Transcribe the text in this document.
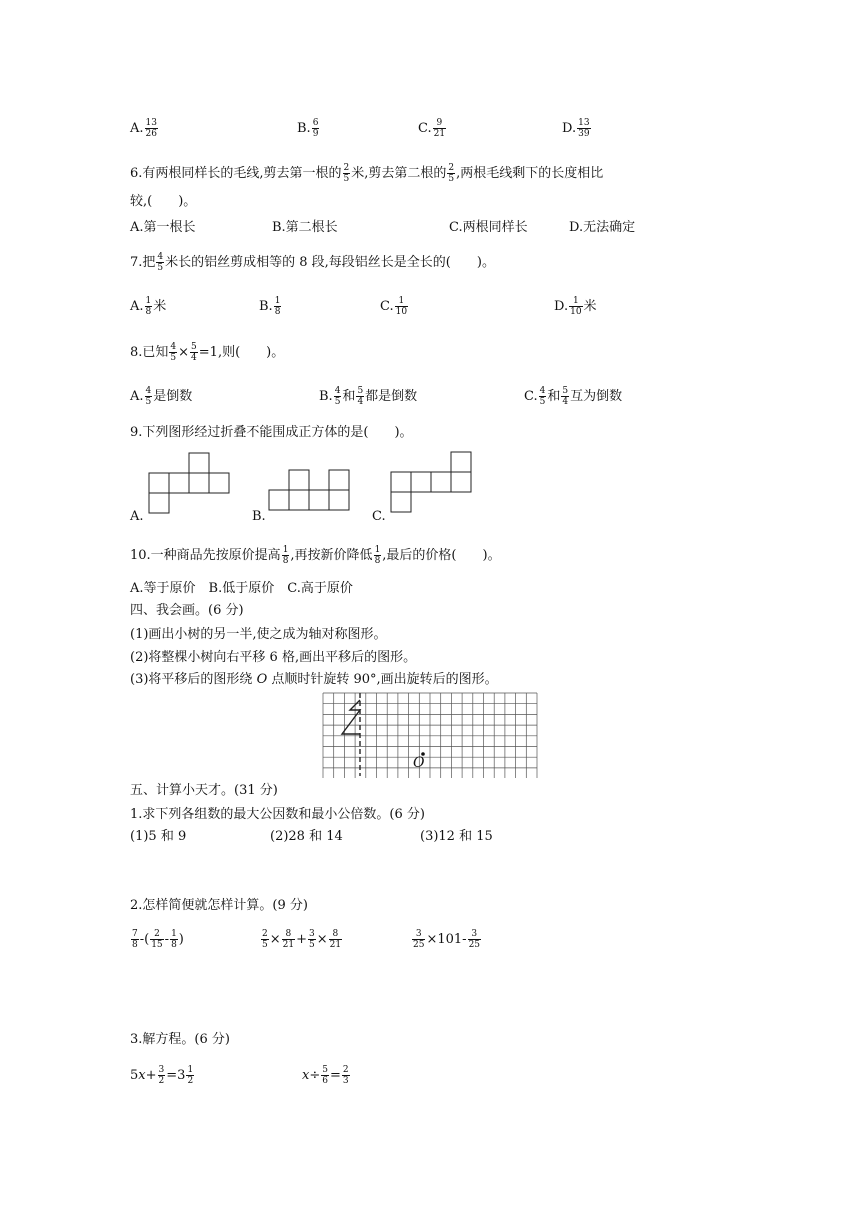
A. $\frac{13}{26}$	B. $\frac{6}{9}$	C. $\frac{9}{21}$	D. $\frac{13}{39}$
6.有两根同样长的毛线,剪去第一根的 $\frac{2}{5}$ 米,剪去第二根的 $\frac{2}{5}$ ,两根毛线剩下的长度相比
较,(　　)。
A.第一根长	B.第二根长	C.两根同样长	D.无法确定
7.把 $\frac{4}{5}$ 米长的铝丝剪成相等的 8 段,每段铝丝长是全长的(　　)。
A. $\frac{1}{8}$ 米	B. $\frac{1}{8}$	C. $\frac{1}{10}$	D. $\frac{1}{10}$ 米
8.已知 $\frac{4}{5} \times \frac{5}{4} =1$,则(　　)。
A. $\frac{4}{5}$ 是倒数	B. $\frac{4}{5}$ 和 $\frac{5}{4}$ 都是倒数	C. $\frac{4}{5}$ 和 $\frac{5}{4}$ 互为倒数
9.下列图形经过折叠不能围成正方体的是(　　)。
A.	B.	C.
10.一种商品先按原价提高 $\frac{1}{8}$ ,再按新价降低 $\frac{1}{8}$ ,最后的价格(　　)。
A.等于原价　B.低于原价　C.高于原价
四、我会画。(6 分)
(1)画出小树的另一半,使之成为轴对称图形。
(2)将整棵小树向右平移 6 格,画出平移后的图形。
(3)将平移后的图形绕 O 点顺时针旋转 90°,画出旋转后的图形。
O
五、计算小天才。(31 分)
1.求下列各组数的最大公因数和最小公倍数。(6 分)
(1)5 和 9	(2)28 和 14	(3)12 和 15
2.怎样简便就怎样计算。(9 分)
$\frac{7}{8}$ -( $\frac{2}{15} - \frac{1}{8}$ )	$\frac{2}{5} \times \frac{8}{21} + \frac{3}{5} \times \frac{8}{21}$	$\frac{3}{25} \times 101- \frac{3}{25}$
3.解方程。(6 分)
$5x+ \frac{3}{2} =3 \frac{1}{2}$	$x\div \frac{5}{6} = \frac{2}{3}$
